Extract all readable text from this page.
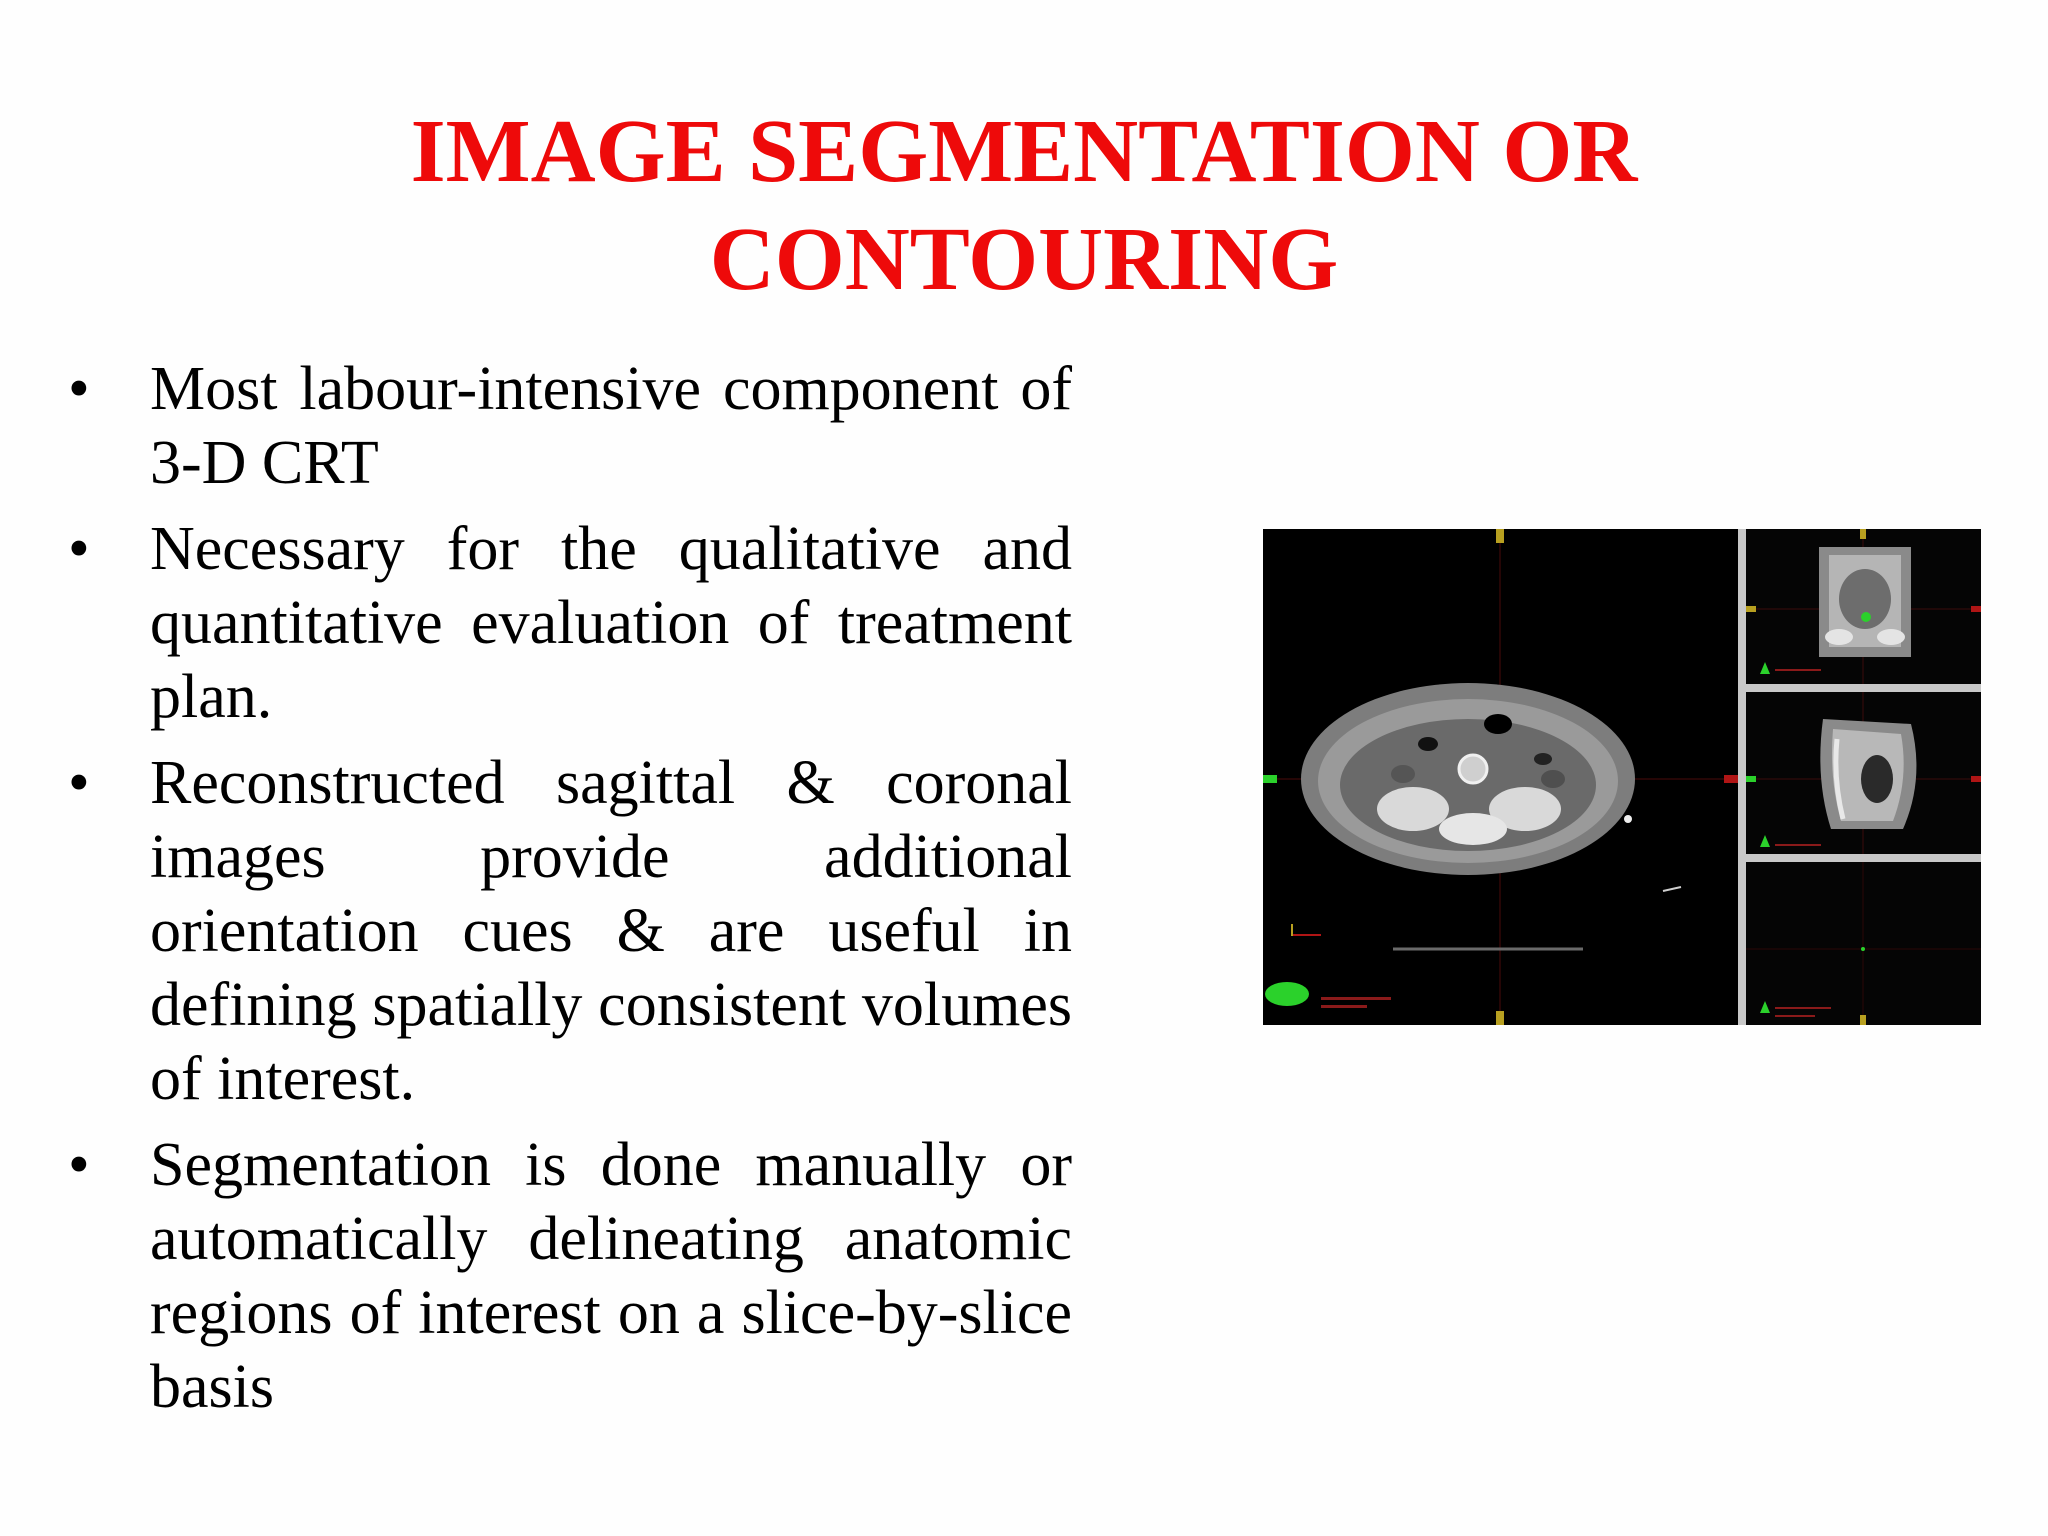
IMAGE SEGMENTATION OR
CONTOURING
• Most labour-intensive component of 3-D CRT
• Necessary for the qualitative and quantitative evaluation of treatment plan.
• Reconstructed sagittal & coronal images provide additional orientation cues & are useful in defining spatially consistent volumes of interest.
• Segmentation is done manually or automatically delineating anatomic regions of interest on a slice-by-slice basis
